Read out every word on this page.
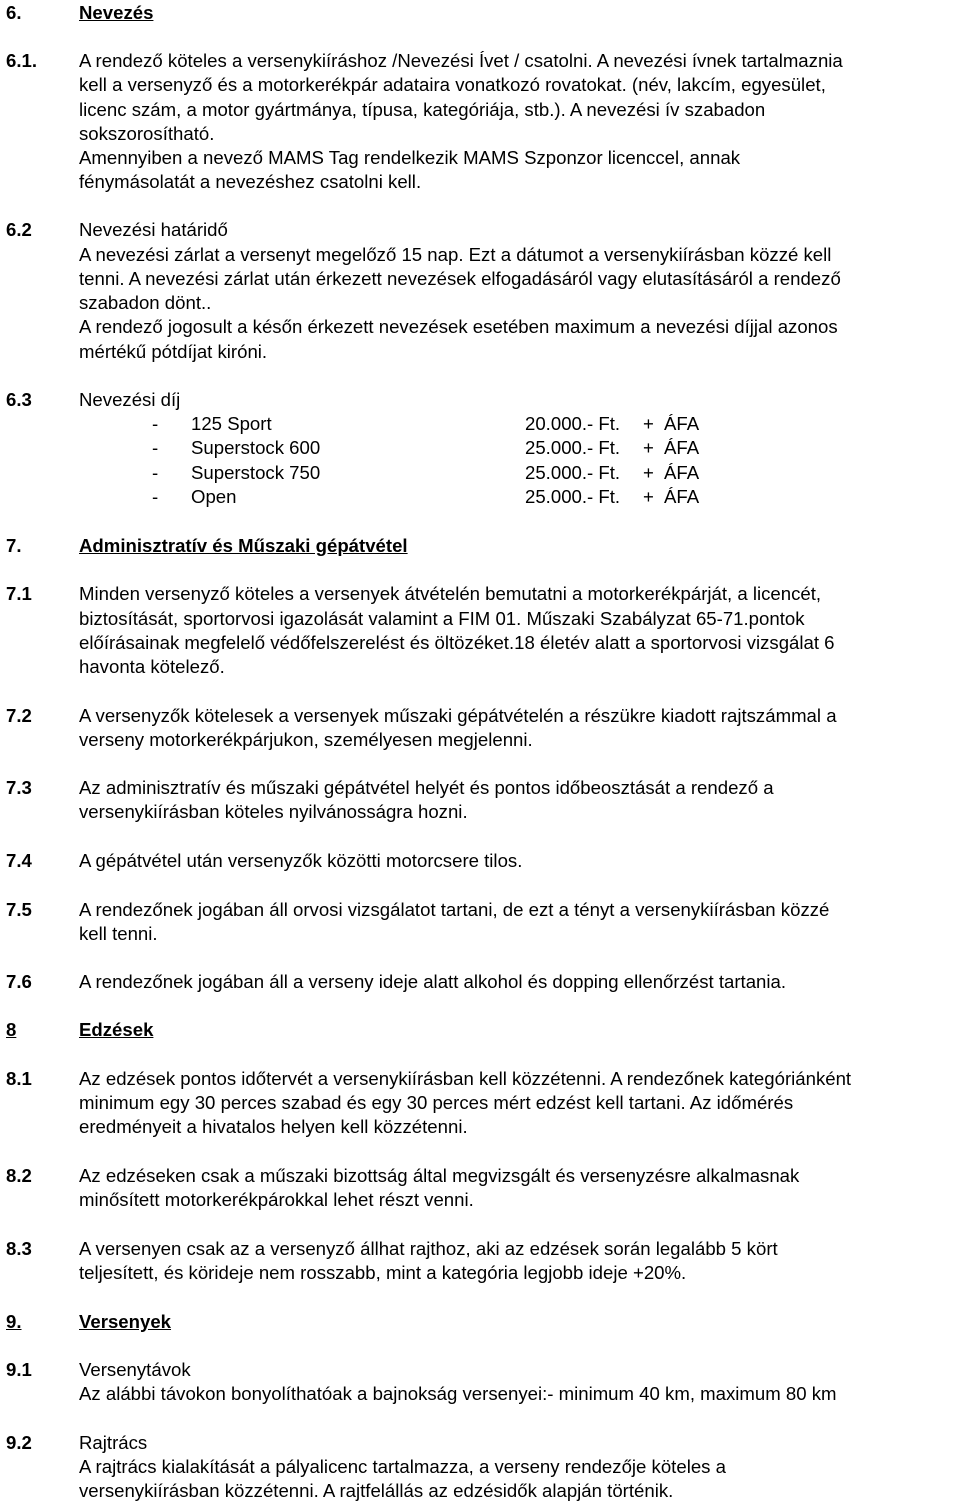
6.	Nevezés
6.1. A rendező köteles a versenykiíráshoz /Nevezési Ívet / csatolni. A nevezési ívnek tartalmaznia
kell a versenyző és a motorkerékpár adataira vonatkozó rovatokat. (név, lakcím, egyesület,
licenc szám, a motor gyártmánya, típusa, kategóriája, stb.). A nevezési ív szabadon
sokszorosítható.
Amennyiben a nevező MAMS Tag rendelkezik MAMS Szponzor licenccel, annak
fénymásolatát a nevezéshez csatolni kell.
6.2	Nevezési határidő
A nevezési zárlat a versenyt megelőző 15 nap. Ezt a dátumot a versenykiírásban közzé kell
tenni. A nevezési zárlat után érkezett nevezések elfogadásáról vagy elutasításáról a rendező
szabadon dönt..
A rendező jogosult a későn érkezett nevezések esetében maximum a nevezési díjjal azonos
mértékű pótdíjat kiróni.
6.3	Nevezési díj
- 125 Sport	20.000.- Ft. + ÁFA
- Superstock 600	25.000.- Ft. + ÁFA
- Superstock 750	25.000.- Ft. + ÁFA
- Open	25.000.- Ft. + ÁFA
7.	Adminisztratív és Műszaki gépátvétel
7.1	Minden versenyző köteles a versenyek átvételén bemutatni a motorkerékpárját, a licencét,
biztosítását, sportorvosi igazolását valamint a FIM 01. Műszaki Szabályzat 65-71.pontok
előírásainak megfelelő védőfelszerelést és öltözéket.18 életév alatt a sportorvosi vizsgálat 6
havonta kötelező.
7.2	A versenyzők kötelesek a versenyek műszaki gépátvételén a részükre kiadott rajtszámmal a
verseny motorkerékpárjukon, személyesen megjelenni.
7.3	Az adminisztratív és műszaki gépátvétel helyét és pontos időbeosztását a rendező a
versenykiírásban köteles nyilvánosságra hozni.
7.4	A gépátvétel után versenyzők közötti motorcsere tilos.
7.5	A rendezőnek jogában áll orvosi vizsgálatot tartani, de ezt a tényt a versenykiírásban közzé
kell tenni.
7.6	A rendezőnek jogában áll a verseny ideje alatt alkohol és dopping ellenőrzést tartania.
8	Edzések
8.1	Az edzések pontos időtervét a versenykiírásban kell közzétenni. A rendezőnek kategóriánként
minimum egy 30 perces szabad és egy 30 perces mért edzést kell tartani. Az időmérés
eredményeit a hivatalos helyen kell közzétenni.
8.2	Az edzéseken csak a műszaki bizottság által megvizsgált és versenyzésre alkalmasnak
minősített motorkerékpárokkal lehet részt venni.
8.3	A versenyen csak az a versenyző állhat rajthoz, aki az edzések során legalább 5 kört
teljesített, és köridеje nem rosszabb, mint a kategória legjobb ideje +20%.
9.	Versenyek
9.1	Versenytávok
Az alábbi távokon bonyolíthatóak a bajnokság versenyei:- minimum 40 km, maximum 80 km
9.2	Rajtrács
A rajtrács kialakítását a pályalicenc tartalmazza, a verseny rendezője köteles a
versenykiírásban közzétenni. A rajtfelállás az edzésidők alapján történik.
